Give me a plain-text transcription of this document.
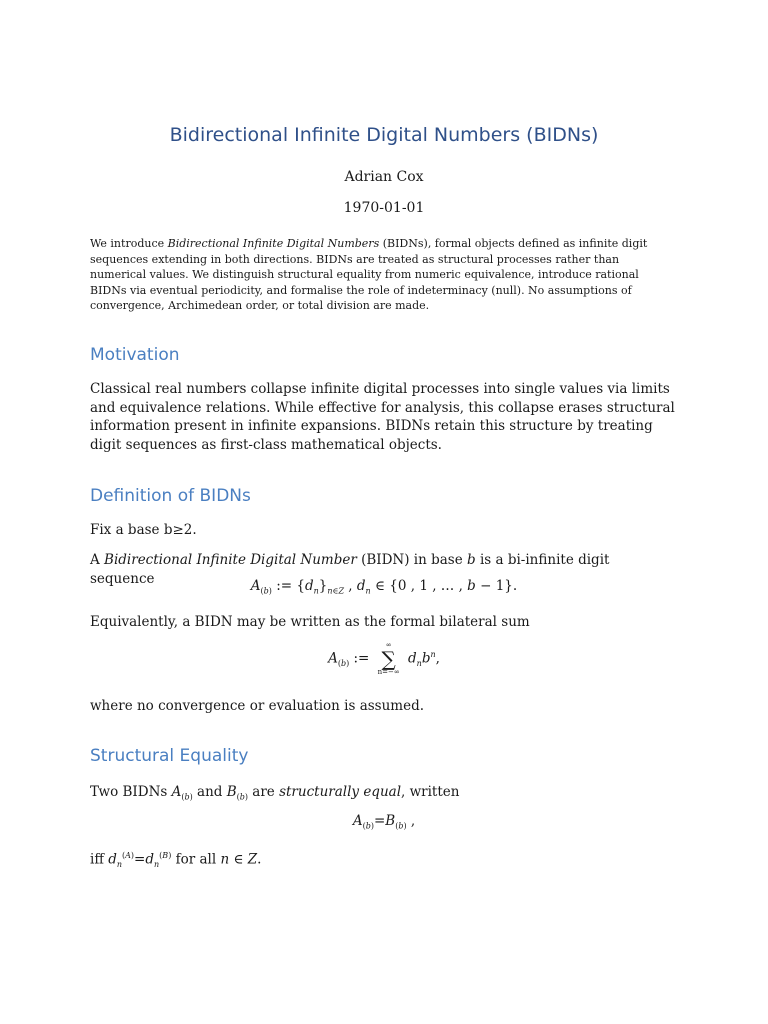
Bidirectional Infinite Digital Numbers (BIDNs)
Adrian Cox
1970-01-01

We introduce Bidirectional Infinite Digital Numbers (BIDNs), formal objects defined as infinite digit sequences extending in both directions. BIDNs are treated as structural processes rather than numerical values. We distinguish structural equality from numeric equivalence, introduce rational BIDNs via eventual periodicity, and formalise the role of indeterminacy (null). No assumptions of convergence, Archimedean order, or total division are made.

Motivation

Classical real numbers collapse infinite digital processes into single values via limits and equivalence relations. While effective for analysis, this collapse erases structural information present in infinite expansions. BIDNs retain this structure by treating digit sequences as first-class mathematical objects.

Definition of BIDNs

Fix a base b≥2.

A Bidirectional Infinite Digital Number (BIDN) in base b is a bi-infinite digit sequence	$A_{(b)}$ := $\{d_n\}_{n\in Z}$ , $d_n$ ∈ {0 , 1 , … , b − 1}.

Equivalently, a BIDN may be written as the formal bilateral sum

$A_{(b)}$ :=
∞
∑
n=−∞
$d_nb^n$,

where no convergence or evaluation is assumed.

Structural Equality

Two BIDNs $A_{(b)}$ and $B_{(b)}$ are structurally equal, written

$A_{(b)}=B_{(b)}$ ,

iff $d_n^{(A)}=d_n^{(B)}$ for all n ∈ Z.
